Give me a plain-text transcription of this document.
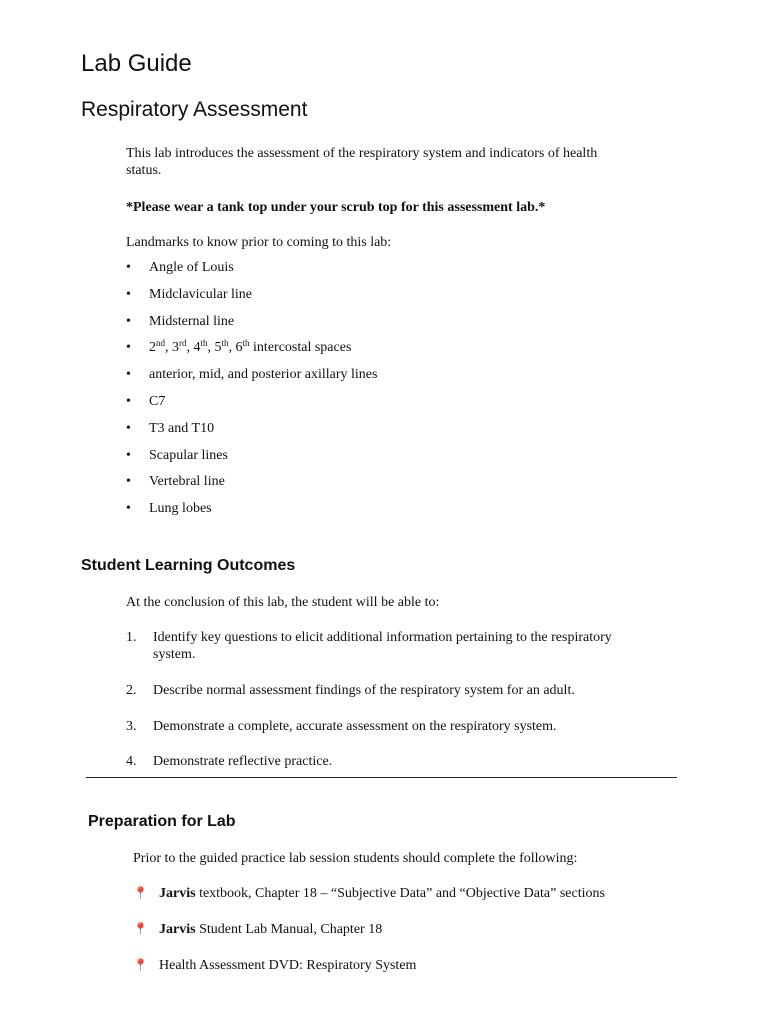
Lab Guide
Respiratory Assessment

This lab introduces the assessment of the respiratory system and indicators of health
status.

*Please wear a tank top under your scrub top for this assessment lab.*

Landmarks to know prior to coming to this lab:

• Angle of Louis
• Midclavicular line
• Midsternal line
• 2nd, 3rd, 4th, 5th, 6th intercostal spaces
• anterior, mid, and posterior axillary lines
• C7
• T3 and T10
• Scapular lines
• Vertebral line
• Lung lobes
Student Learning Outcomes

At the conclusion of this lab, the student will be able to:

1. Identify key questions to elicit additional information pertaining to the respiratory
system.
2. Describe normal assessment findings of the respiratory system for an adult.
3. Demonstrate a complete, accurate assessment on the respiratory system.
4. Demonstrate reflective practice.
Preparation for Lab

Prior to the guided practice lab session students should complete the following:

📍 Jarvis textbook, Chapter 18 – “Subjective Data” and “Objective Data” sections
📍 Jarvis Student Lab Manual, Chapter 18
📍 Health Assessment DVD: Respiratory System
